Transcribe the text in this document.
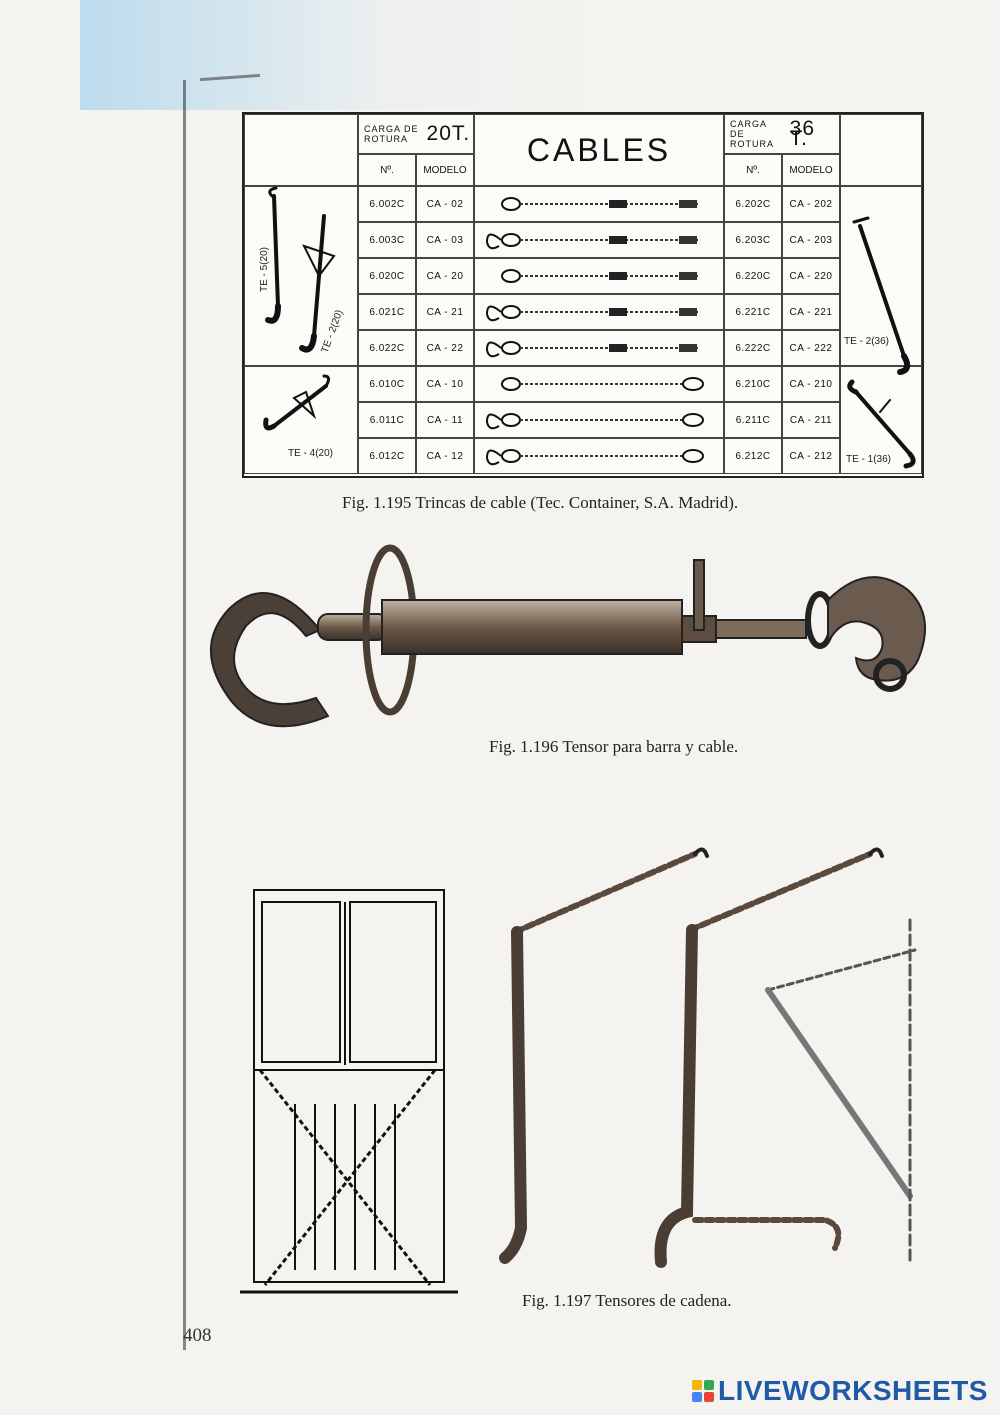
CARGA DE
ROTURA 20T.
Nº.	MODELO
CABLES
CARGA DE
ROTURA
36 T.
Nº.	MODELO
6.002C	CA - 02	6.202C	CA - 202
6.003C	CA - 03	6.203C	CA - 203
6.020C	CA - 20	6.220C	CA - 220
6.021C	CA - 21	6.221C	CA - 221
6.022C	CA - 22	6.222C	CA - 222
6.010C	CA - 10	6.210C	CA - 210
6.011C	CA - 11	6.211C	CA - 211
6.012C	CA - 12	6.212C	CA - 212
TE - 5(20)
TE - 2(20)
TE - 4(20)
TE - 2(36)
TE - 1(36)
Fig. 1.195 Trincas de cable (Tec. Container, S.A. Madrid).
Fig. 1.196 Tensor para barra y cable.
Fig. 1.197 Tensores de cadena.
408
LIVEWORKSHEETS
